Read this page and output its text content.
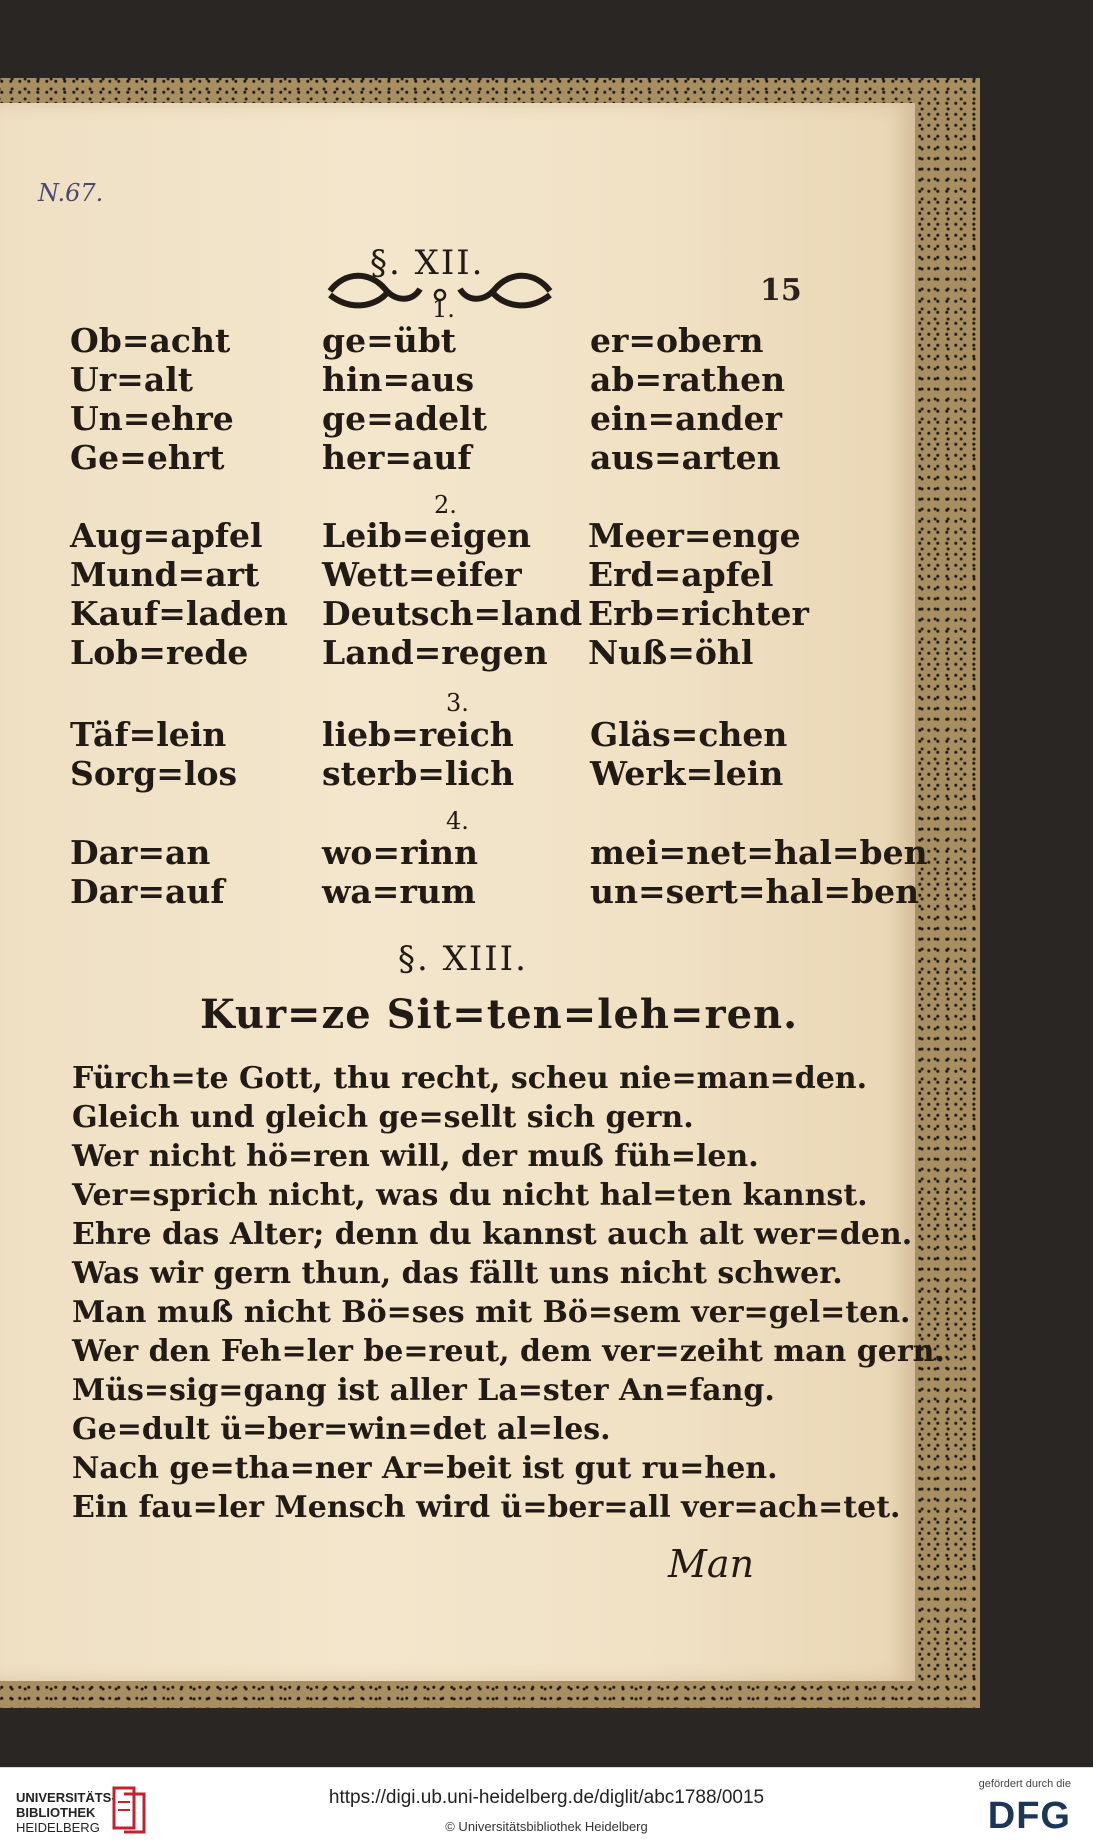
N.67.
15
§. XII.
1.
Ob=acht	ge=übt	er=obern
Ur=alt	hin=aus	ab=rathen
Un=ehre	ge=adelt	ein=ander
Ge=ehrt	her=auf	aus=arten
2.
Aug=apfel Leib=eigen Meer=enge
Mund=art Wett=eifer Erd=apfel
Kauf=laden Deutsch=land Erb=richter
Lob=rede Land=regen Nuß=öhl
3.
Täf=lein	lieb=reich Gläs=chen
Sorg=los	sterb=lich Werk=lein
4.
Dar=an	wo=rinn	mei=net=hal=ben
Dar=auf	wa=rum	un=sert=hal=ben
§. XIII.
Kur=ze Sit=ten=leh=ren.
Fürch=te Gott, thu recht, scheu nie=man=den.
Gleich und gleich ge=sellt sich gern.
Wer nicht hö=ren will, der muß füh=len.
Ver=sprich nicht, was du nicht hal=ten kannst.
Ehre das Alter; denn du kannst auch alt wer=den.
Was wir gern thun, das fällt uns nicht schwer.
Man muß nicht Bö=ses mit Bö=sem ver=gel=ten.
Wer den Feh=ler be=reut, dem ver=zeiht man gern.
Müs=sig=gang ist aller La=ster An=fang.
Ge=dult ü=ber=win=det al=les.
Nach ge=tha=ner Ar=beit ist gut ru=hen.
Ein fau=ler Mensch wird ü=ber=all ver=ach=tet.
Man
UNIVERSITÄTS-
BIBLIOTHEK
HEIDELBERG
https://digi.ub.uni-heidelberg.de/diglit/abc1788/0015
© Universitätsbibliothek Heidelberg
gefördert durch die
DFG
